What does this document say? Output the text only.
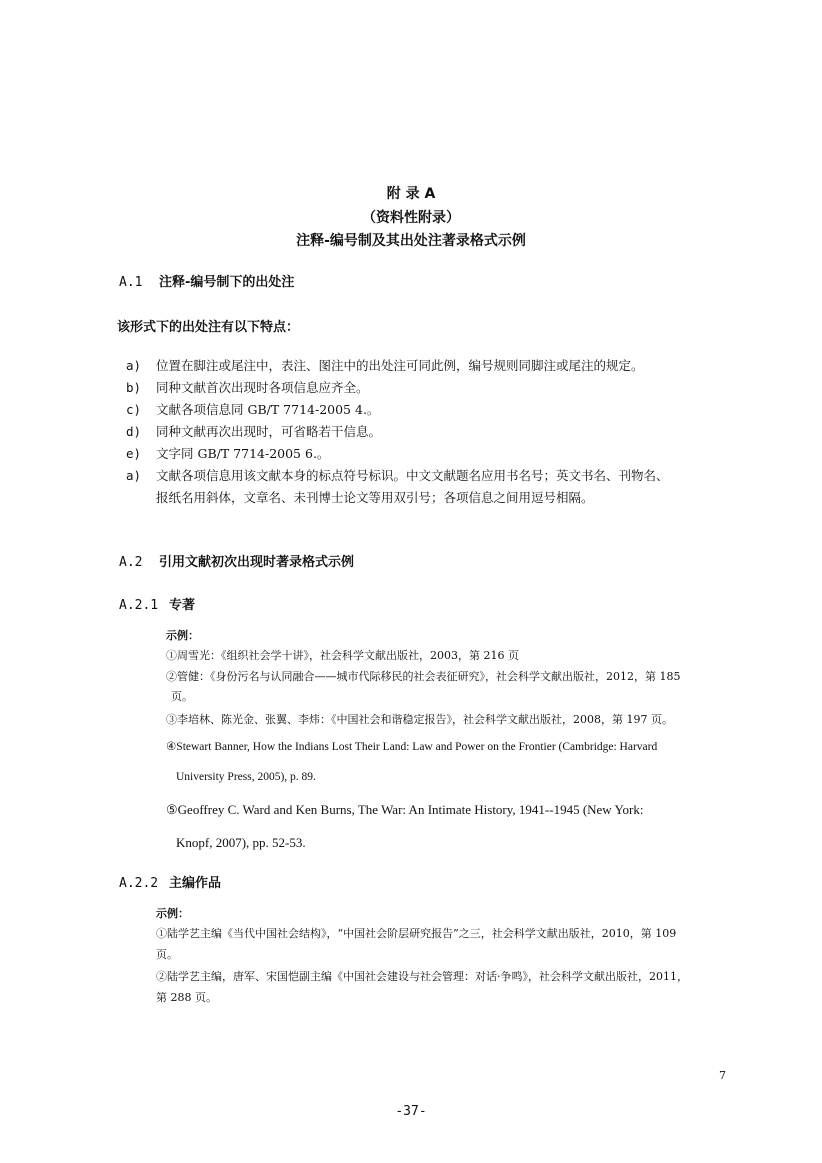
附 录 A
（资料性附录）
注释-编号制及其出处注著录格式示例
A.1 注释-编号制下的出处注
该形式下的出处注有以下特点：
a) 位置在脚注或尾注中，表注、图注中的出处注可同此例，编号规则同脚注或尾注的规定。
b) 同种文献首次出现时各项信息应齐全。
c) 文献各项信息同 GB/T 7714-2005 4.。
d) 同种文献再次出现时，可省略若干信息。
e) 文字同 GB/T 7714-2005 6.。
a) 文献各项信息用该文献本身的标点符号标识。中文文献题名应用书名号；英文书名、刊物名、
报纸名用斜体，文章名、未刊博士论文等用双引号；各项信息之间用逗号相隔。
A.2 引用文献初次出现时著录格式示例
A.2.1 专著
示例：
①周雪光：《组织社会学十讲》，社会科学文献出版社，2003，第 216 页
②管健：《身份污名与认同融合——城市代际移民的社会表征研究》，社会科学文献出版社，2012，第 185
页。
③李培林、陈光金、张翼、李炜：《中国社会和谐稳定报告》，社会科学文献出版社，2008，第 197 页。
④Stewart Banner, How the Indians Lost Their Land: Law and Power on the Frontier (Cambridge: Harvard
University Press, 2005), p. 89.
⑤Geoffrey C. Ward and Ken Burns, The War: An Intimate History, 1941--1945 (New York:
Knopf, 2007), pp. 52-53.
A.2.2 主编作品
示例：
①陆学艺主编《当代中国社会结构》，“中国社会阶层研究报告”之三，社会科学文献出版社，2010，第 109
页。
②陆学艺主编，唐军、宋国恺副主编《中国社会建设与社会管理：对话·争鸣》，社会科学文献出版社，2011，
第 288 页。
7
-37-
